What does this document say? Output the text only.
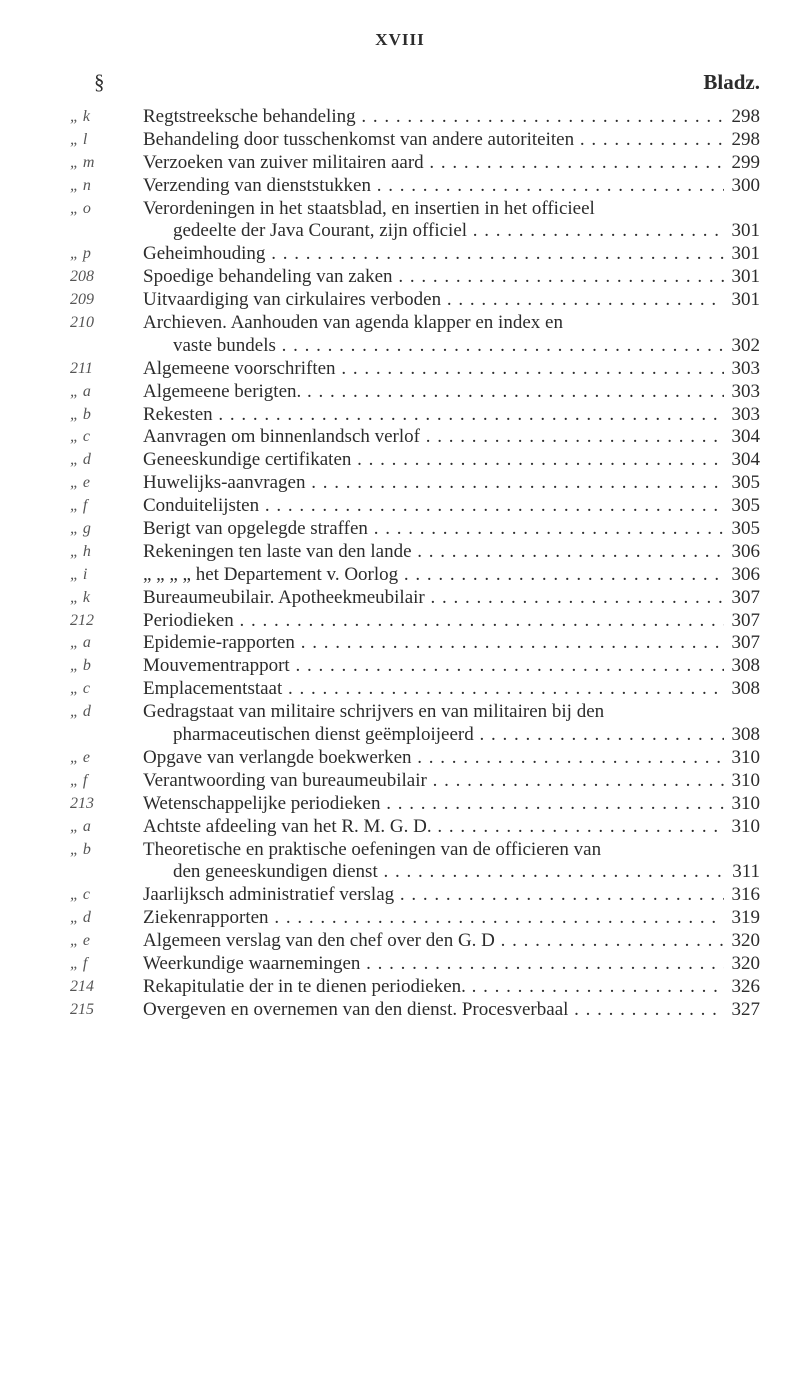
XVIII
§	Bladz.
„ k	Regtstreeksche behandeling . .	298
„ l	Behandeling door tusschenkomst van andere autoriteiten . .	298
„ m	Verzoeken van zuiver militairen aard . .	299
„ n	Verzending van dienststukken . .	300
„ o	Verordeningen in het staatsblad, en insertien in het officieel
gedeelte der Java Courant, zijn officiel . .	301
„ p	Geheimhouding . .	301
208	Spoedige behandeling van zaken . .	301
209	Uitvaardiging van cirkulaires verboden . .	301
210	Archieven. Aanhouden van agenda klapper en index en
vaste bundels . .	302
211	Algemeene voorschriften . .	303
„ a	Algemeene berigten. . .	303
„ b	Rekesten . .	303
„ c	Aanvragen om binnenlandsch verlof . .	304
„ d	Geneeskundige certifikaten . .	304
„ e	Huwelijks-aanvragen . .	305
„ f	Conduitelijsten . .	305
„ g	Berigt van opgelegde straffen . .	305
„ h	Rekeningen ten laste van den lande . .	306
„ i	„ „ „ „ het Departement v. Oorlog . .	306
„ k	Bureaumeubilair. Apotheekmeubilair . .	307
212	Periodieken . .	307
„ a	Epidemie-rapporten . .	307
„ b	Mouvementrapport . .	308
„ c	Emplacementstaat . .	308
„ d	Gedragstaat van militaire schrijvers en van militairen bij den
pharmaceutischen dienst geëmploijeerd . .	308
„ e	Opgave van verlangde boekwerken . .	310
„ f	Verantwoording van bureaumeubilair . .	310
213	Wetenschappelijke periodieken . .	310
„ a	Achtste afdeeling van het R. M. G. D. . .	310
„ b	Theoretische en praktische oefeningen van de officieren van
den geneeskundigen dienst . .	311
„ c	Jaarlijksch administratief verslag . .	316
„ d	Ziekenrapporten . .	319
„ e	Algemeen verslag van den chef over den G. D . .	320
„ f	Weerkundige waarnemingen . .	320
214	Rekapitulatie der in te dienen periodieken. . .	326
215	Overgeven en overnemen van den dienst. Procesverbaal . .	327
